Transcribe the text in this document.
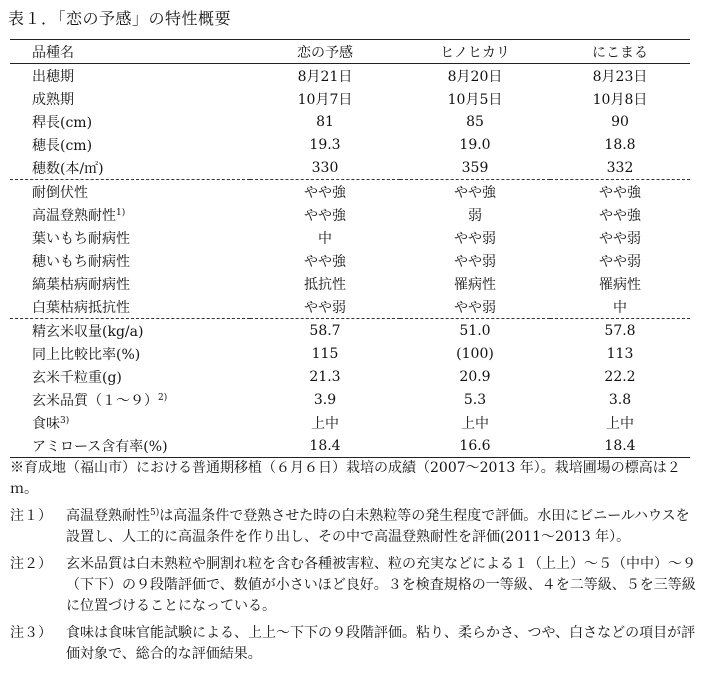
表１．「恋の予感」の特性概要
品種名	恋の予感	ヒノヒカリ	にこまる
出穂期	8月21日	8月20日	8月23日
成熟期	10月7日	10月5日	10月8日
稈長(cm)	81	85	90
穂長(cm)	19.3	19.0	18.8
穂数(本/㎡)	330	359	332
耐倒伏性	やや強	やや強	やや強
高温登熟耐性$^{1)}$	やや強	弱	やや強
葉いもち耐病性	中	やや弱	やや弱
穂いもち耐病性	やや強	やや弱	やや弱
縞葉枯病耐病性	抵抗性	罹病性	罹病性
白葉枯病抵抗性	やや弱	やや弱	中
精玄米収量(kg/a)	58.7	51.0	57.8
同上比較比率(%)	115	(100)	113
玄米千粒重(g)	21.3	20.9	22.2
玄米品質（１～９）$^{2)}$	3.9	5.3	3.8
食味$^{3)}$	上中	上中	上中
アミロース含有率(%)	18.4	16.6	18.4

※育成地（福山市）における普通期移植（６月６日）栽培の成績（2007～2013 年）。栽培圃場の標高は２ｍ。

注１）	高温登熟耐性$^{5)}$は高温条件で登熟させた時の白未熟粒等の発生程度で評価。水田にビニールハウスを設置し、人工的に高温条件を作り出し、その中で高温登熟耐性を評価(2011～2013 年）。
注２）	玄米品質は白未熟粒や胴割れ粒を含む各種被害粒、粒の充実などによる１（上上）～５（中中）～９（下下）の９段階評価で、数値が小さいほど良好。３を検査規格の一等級、４を二等級、５を三等級に位置づけることになっている。
注３）	食味は食味官能試験による、上上～下下の９段階評価。粘り、柔らかさ、つや、白さなどの項目が評価対象で、総合的な評価結果。
